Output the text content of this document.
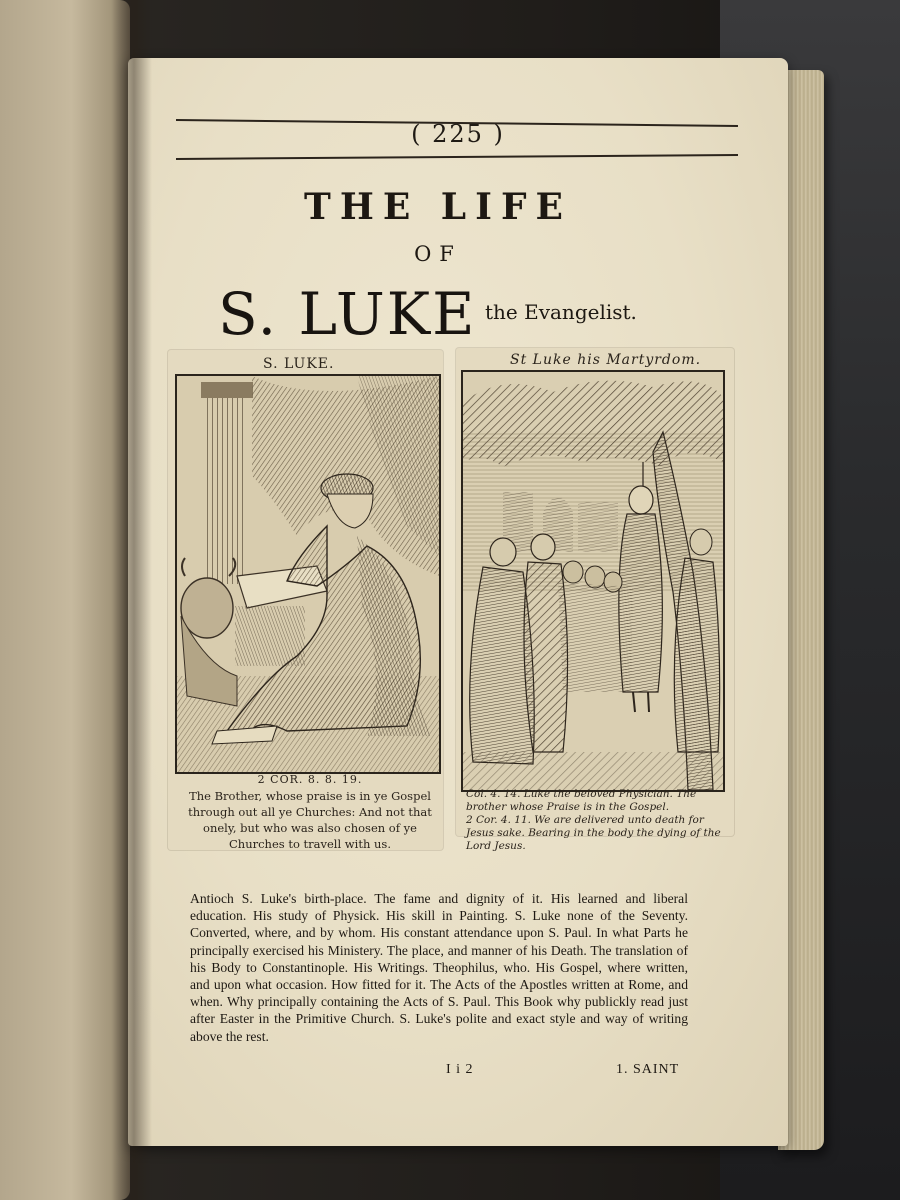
( 225 )
THE LIFE
OF
S. LUKE the Evangelist.
S. LUKE.
2 COR. 8. 8. 19.
The Brother, whose praise is in ye Gospel through out all ye Churches: And not that onely, but who was also chosen of ye Churches to travell with us.
St Luke his Martyrdom.
Col. 4. 14. Luke the beloved Physician. The brother whose Praise is in the Gospel.
2 Cor. 4. 11. We are delivered unto death for Jesus sake. Bearing in the body the dying of the Lord Jesus.

Antioch S. Luke's birth-place. The fame and dignity of it. His learned and liberal education. His study of Physick. His skill in Painting. S. Luke none of the Seventy. Converted, where, and by whom. His constant attendance upon S. Paul. In what Parts he principally exercised his Ministery. The place, and manner of his Death. The translation of his Body to Constantinople. His Writings. Theophilus, who. His Gospel, where written, and upon what occasion. How fitted for it. The Acts of the Apostles written at Rome, and when. Why principally containing the Acts of S. Paul. This Book why publickly read just after Easter in the Primitive Church. S. Luke's polite and exact style and way of writing above the rest.

I i 2	1. SAINT
